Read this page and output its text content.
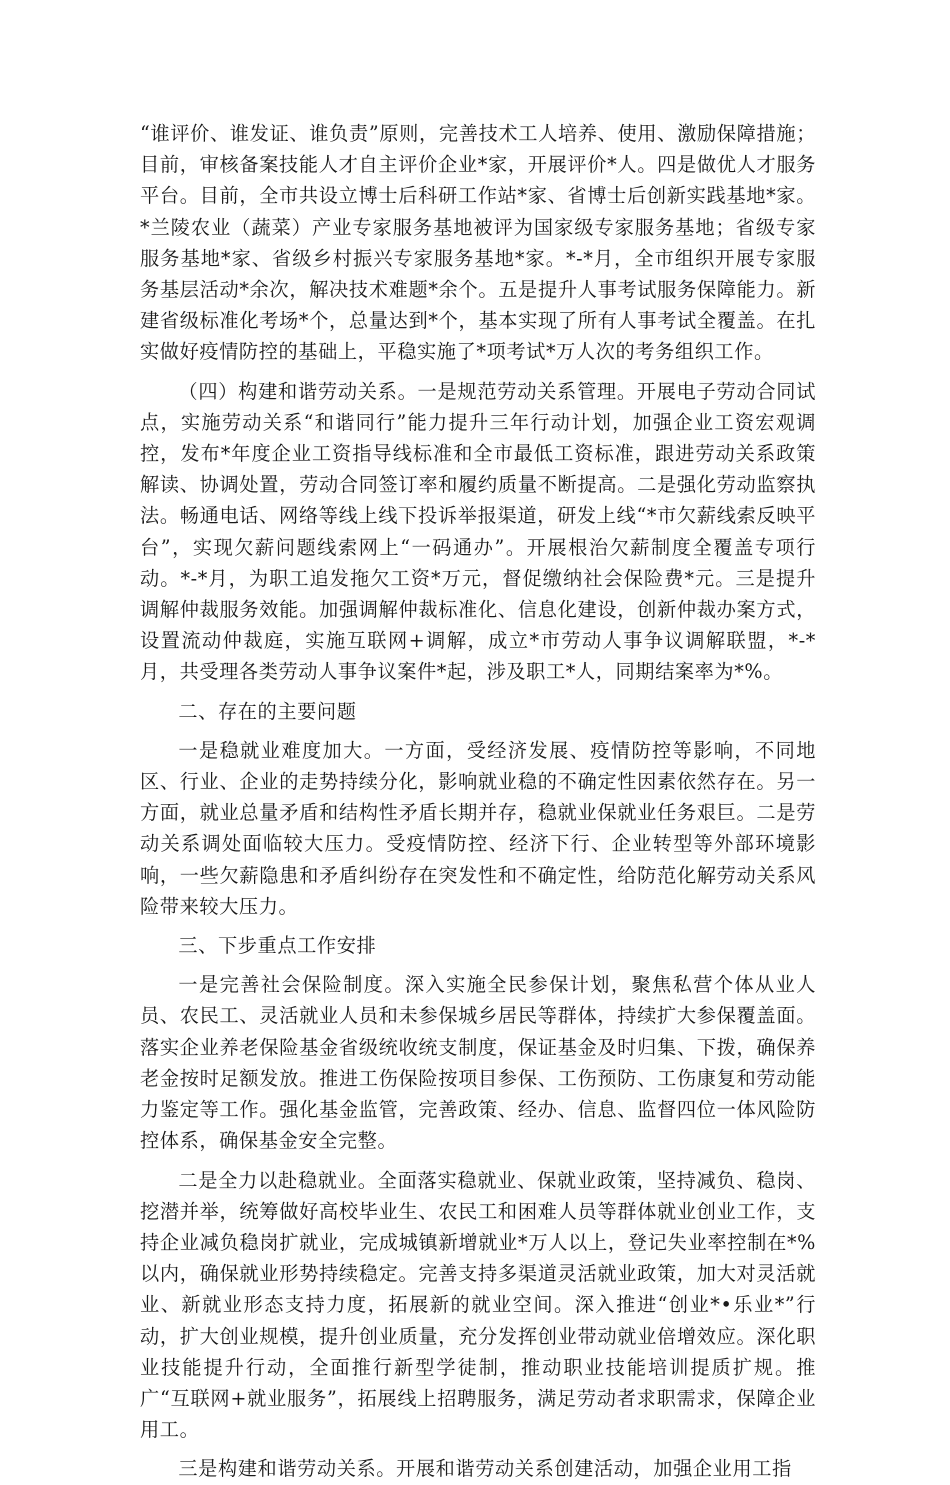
“谁评价、谁发证、谁负责”原则，完善技术工人培养、使用、激励保障措施；目前，审核备案技能人才自主评价企业*家，开展评价*人。四是做优人才服务平台。目前，全市共设立博士后科研工作站*家、省博士后创新实践基地*家。*兰陵农业（蔬菜）产业专家服务基地被评为国家级专家服务基地；省级专家服务基地*家、省级乡村振兴专家服务基地*家。*-*月，全市组织开展专家服务基层活动*余次，解决技术难题*余个。五是提升人事考试服务保障能力。新建省级标准化考场*个，总量达到*个，基本实现了所有人事考试全覆盖。在扎实做好疫情防控的基础上，平稳实施了*项考试*万人次的考务组织工作。

（四）构建和谐劳动关系。一是规范劳动关系管理。开展电子劳动合同试点，实施劳动关系“和谐同行”能力提升三年行动计划，加强企业工资宏观调控，发布*年度企业工资指导线标准和全市最低工资标准，跟进劳动关系政策解读、协调处置，劳动合同签订率和履约质量不断提高。二是强化劳动监察执法。畅通电话、网络等线上线下投诉举报渠道，研发上线“*市欠薪线索反映平台”，实现欠薪问题线索网上“一码通办”。开展根治欠薪制度全覆盖专项行动。*-*月，为职工追发拖欠工资*万元，督促缴纳社会保险费*元。三是提升调解仲裁服务效能。加强调解仲裁标准化、信息化建设，创新仲裁办案方式，设置流动仲裁庭，实施互联网+调解，成立*市劳动人事争议调解联盟，*-*月，共受理各类劳动人事争议案件*起，涉及职工*人，同期结案率为*%。

二、存在的主要问题

一是稳就业难度加大。一方面，受经济发展、疫情防控等影响，不同地区、行业、企业的走势持续分化，影响就业稳的不确定性因素依然存在。另一方面，就业总量矛盾和结构性矛盾长期并存，稳就业保就业任务艰巨。二是劳动关系调处面临较大压力。受疫情防控、经济下行、企业转型等外部环境影响，一些欠薪隐患和矛盾纠纷存在突发性和不确定性，给防范化解劳动关系风险带来较大压力。

三、下步重点工作安排

一是完善社会保险制度。深入实施全民参保计划，聚焦私营个体从业人员、农民工、灵活就业人员和未参保城乡居民等群体，持续扩大参保覆盖面。落实企业养老保险基金省级统收统支制度，保证基金及时归集、下拨，确保养老金按时足额发放。推进工伤保险按项目参保、工伤预防、工伤康复和劳动能力鉴定等工作。强化基金监管，完善政策、经办、信息、监督四位一体风险防控体系，确保基金安全完整。

二是全力以赴稳就业。全面落实稳就业、保就业政策，坚持减负、稳岗、挖潜并举，统筹做好高校毕业生、农民工和困难人员等群体就业创业工作，支持企业减负稳岗扩就业，完成城镇新增就业*万人以上，登记失业率控制在*%以内，确保就业形势持续稳定。完善支持多渠道灵活就业政策，加大对灵活就业、新就业形态支持力度，拓展新的就业空间。深入推进“创业*•乐业*”行动，扩大创业规模，提升创业质量，充分发挥创业带动就业倍增效应。深化职业技能提升行动，全面推行新型学徒制，推动职业技能培训提质扩规。推广“互联网+就业服务”，拓展线上招聘服务，满足劳动者求职需求，保障企业用工。

三是构建和谐劳动关系。开展和谐劳动关系创建活动，加强企业用工指
